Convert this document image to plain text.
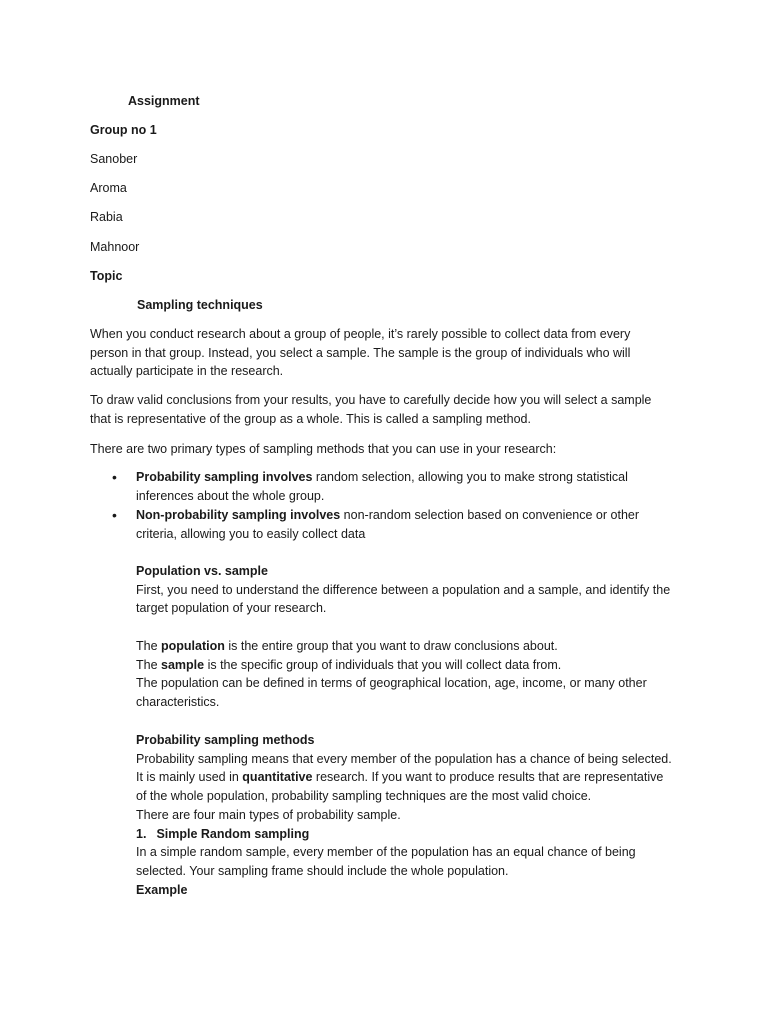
Assignment
Group no 1
Sanober
Aroma
Rabia
Mahnoor
Topic
Sampling techniques

When you conduct research about a group of people, it’s rarely possible to collect data from every person in that group. Instead, you select a sample. The sample is the group of individuals who will actually participate in the research.

To draw valid conclusions from your results, you have to carefully decide how you will select a sample that is representative of the group as a whole. This is called a sampling method.

There are two primary types of sampling methods that you can use in your research:

• Probability sampling involves random selection, allowing you to make strong statistical inferences about the whole group.

• Non-probability sampling involves non-random selection based on convenience or other criteria, allowing you to easily collect data

Population vs. sample

First, you need to understand the difference between a population and a sample, and identify the target population of your research.

The population is the entire group that you want to draw conclusions about.

The sample is the specific group of individuals that you will collect data from.

The population can be defined in terms of geographical location, age, income, or many other characteristics.

Probability sampling methods

Probability sampling means that every member of the population has a chance of being selected. It is mainly used in quantitative research. If you want to produce results that are representative of the whole population, probability sampling techniques are the most valid choice.

There are four main types of probability sample.

1. Simple Random sampling

In a simple random sample, every member of the population has an equal chance of being selected. Your sampling frame should include the whole population.

Example
